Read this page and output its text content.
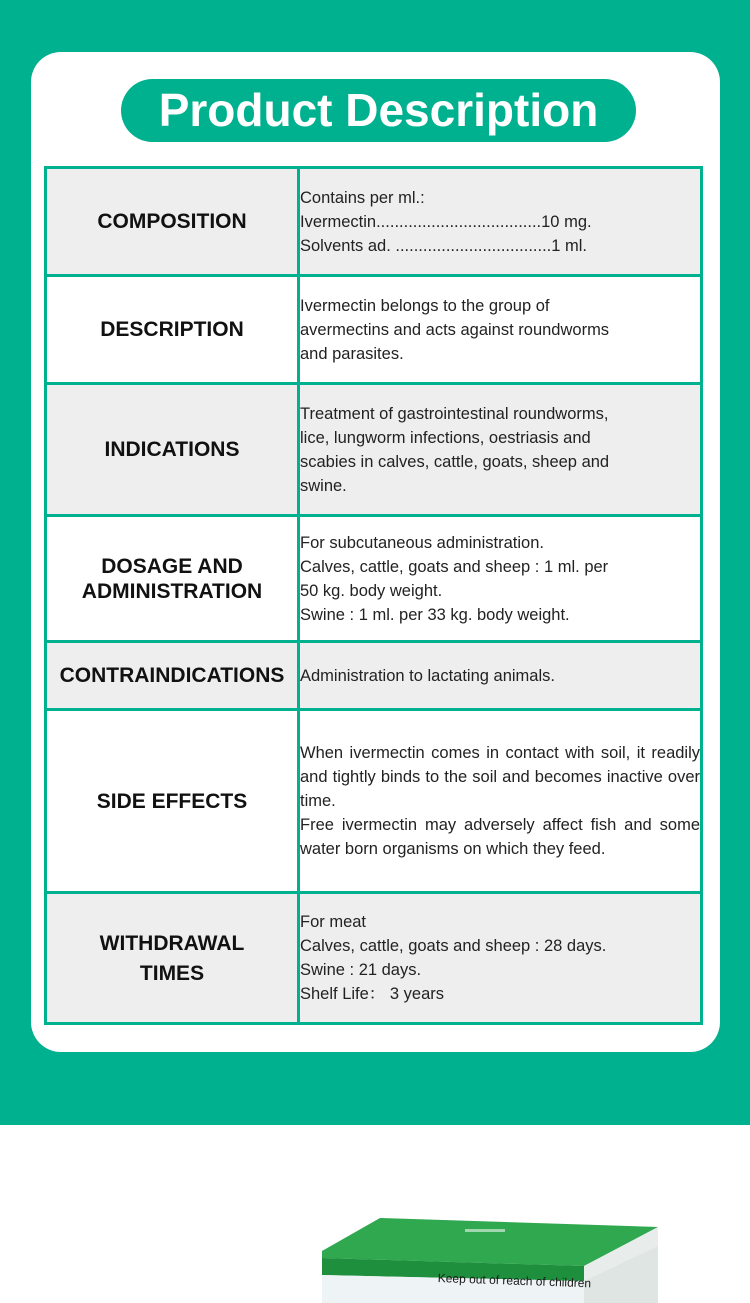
Product Description
COMPOSITION	Contains per ml.:
Ivermectin....................................10 mg.
Solvents ad. ..................................1 ml.

DESCRIPTION	Ivermectin belongs to the group of
avermectins and acts against roundworms
and parasites.

INDICATIONS	Treatment of gastrointestinal roundworms,
lice, lungworm infections, oestriasis and
scabies in calves, cattle, goats, sheep and
swine.

DOSAGE AND
ADMINISTRATION	For subcutaneous administration.
Calves, cattle, goats and sheep : 1 ml. per
50 kg. body weight.
Swine : 1 ml. per 33 kg. body weight.

CONTRAINDICATIONS	Administration to lactating animals.

SIDE EFFECTS	When ivermectin comes in contact with soil, it readily and tightly binds to the soil and becomes inactive over time.
Free ivermectin may adversely affect fish and some water born organisms on which they feed.

WITHDRAWAL
TIMES	For meat
Calves, cattle, goats and sheep : 28 days.
Swine : 21 days.
Shelf Life： 3 years
Keep out of reach of children
